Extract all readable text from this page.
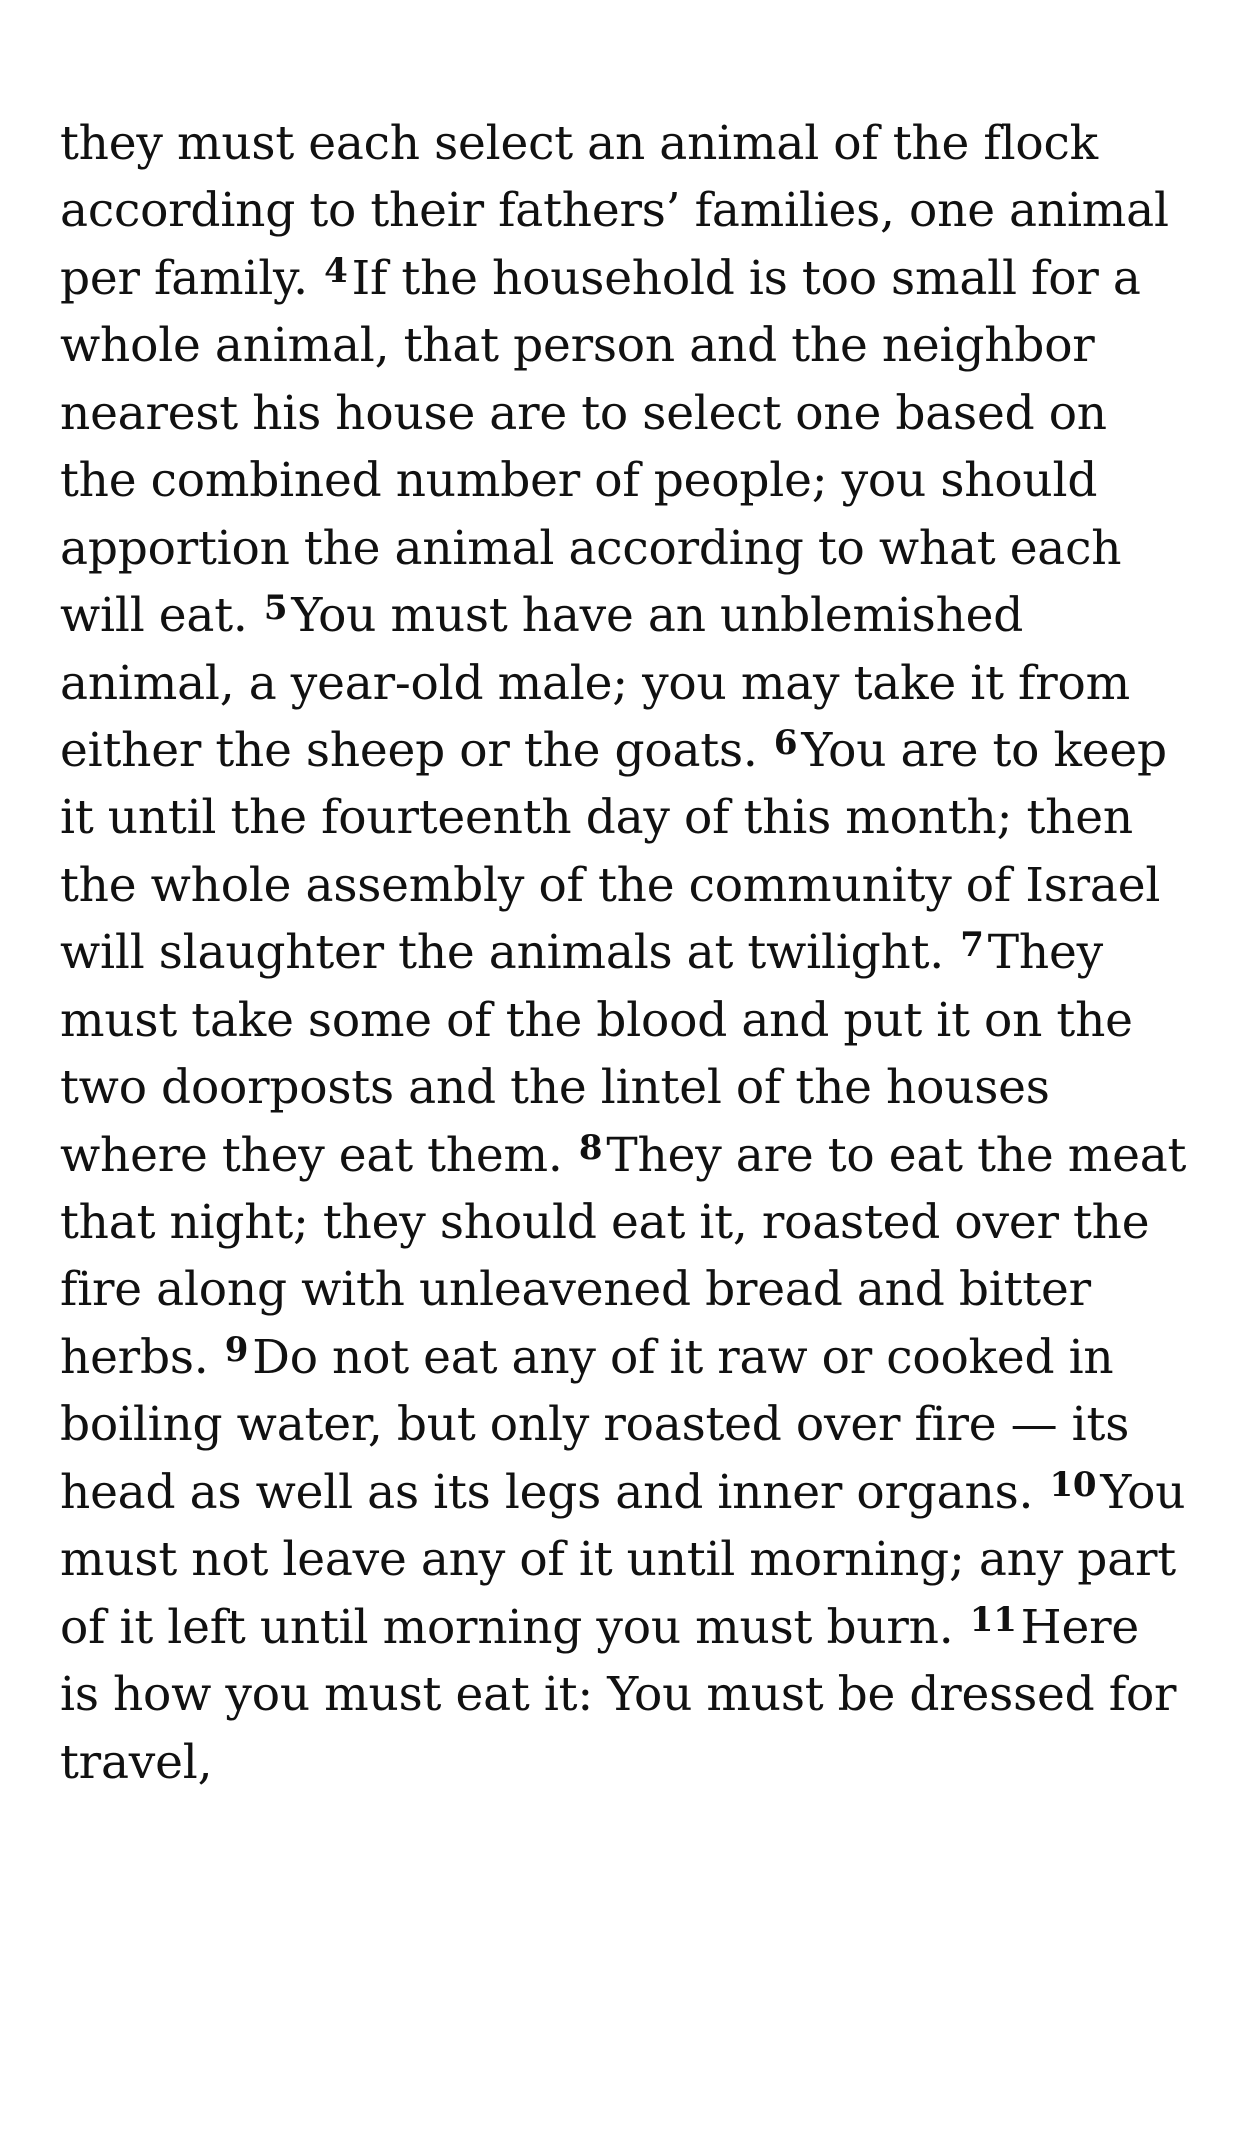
they must each select an animal of the flock according to their fathers’ families, one animal per family. $^4$If the household is too small for a whole animal, that person and the neighbor nearest his house are to select one based on the combined number of people; you should apportion the animal according to what each will eat. $^5$You must have an unblemished animal, a year-old male; you may take it from either the sheep or the goats. $^6$You are to keep it until the fourteenth day of this month; then the whole assembly of the community of Israel will slaughter the animals at twilight. $^7$They must take some of the blood and put it on the two doorposts and the lintel of the houses where they eat them. $^8$They are to eat the meat that night; they should eat it, roasted over the fire along with unleavened bread and bitter herbs. $^9$Do not eat any of it raw or cooked in boiling water, but only roasted over fire — its head as well as its legs and inner organs. $^{10}$You must not leave any of it until morning; any part of it left until morning you must burn. $^{11}$Here is how you must eat it: You must be dressed for travel,
